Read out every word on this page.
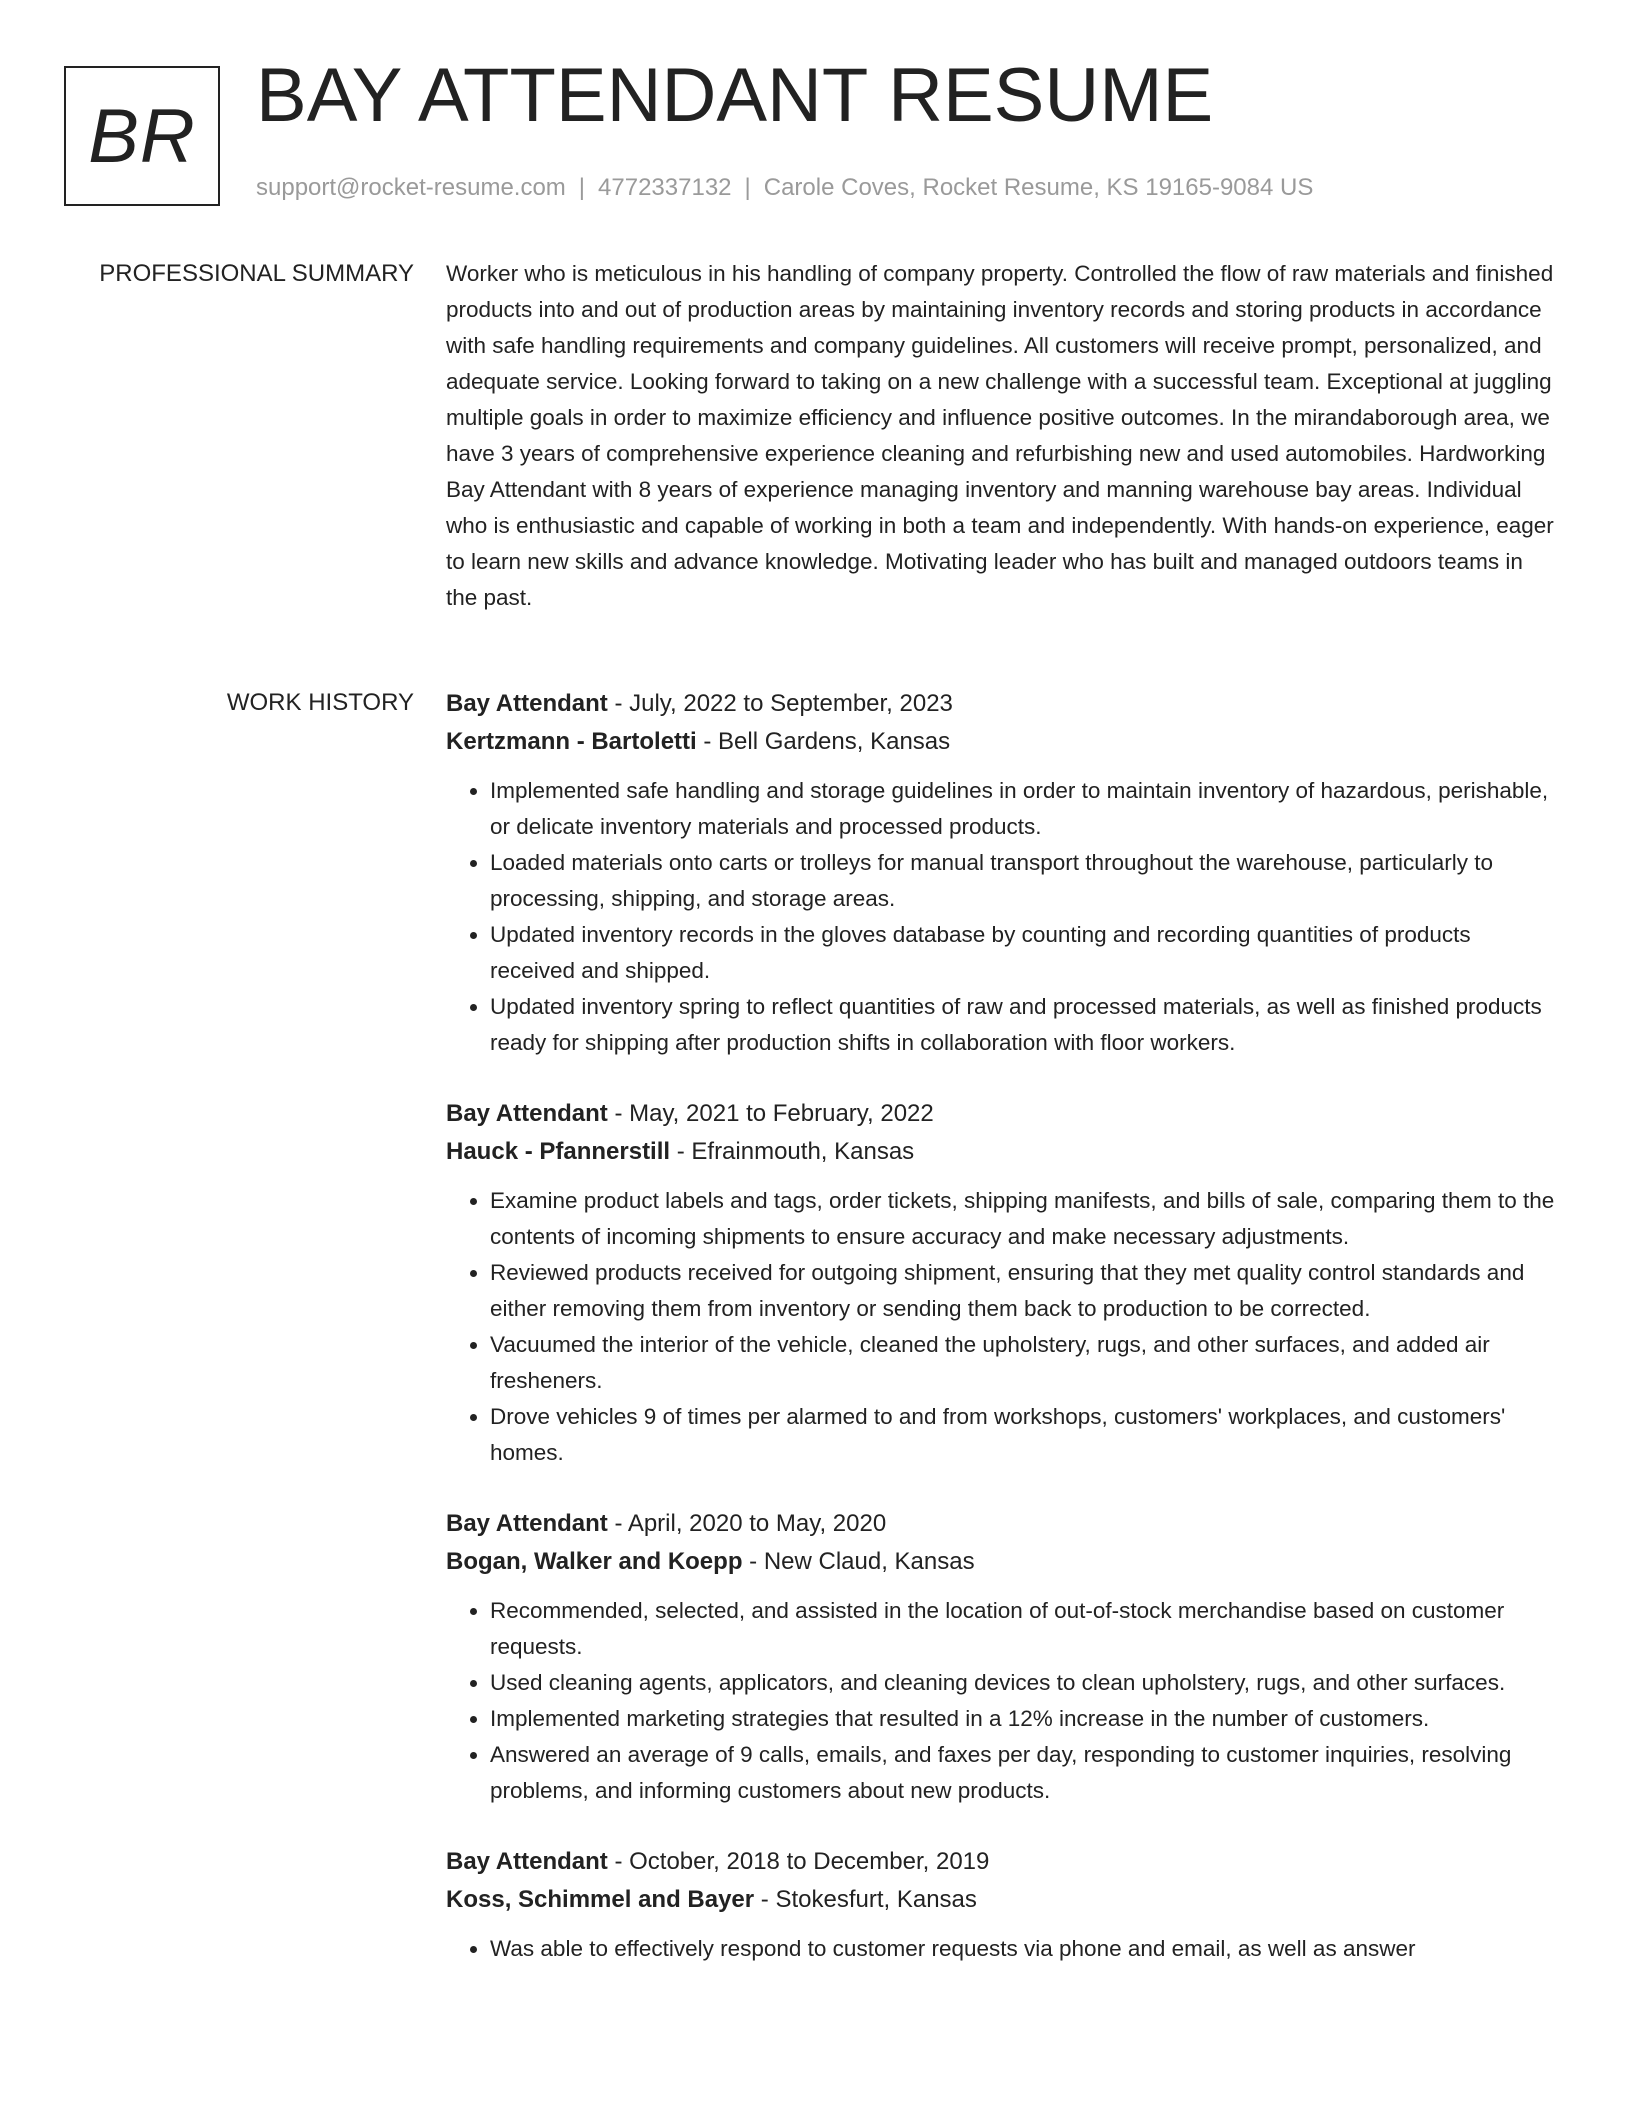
BR BAY ATTENDANT RESUME
support@rocket-resume.com | 4772337132 | Carole Coves, Rocket Resume, KS 19165-9084 US
PROFESSIONAL SUMMARY Worker who is meticulous in his handling of company property. Controlled the flow of raw materials and finished products into and out of production areas by maintaining inventory records and storing products in accordance with safe handling requirements and company guidelines. All customers will receive prompt, personalized, and adequate service. Looking forward to taking on a new challenge with a successful team. Exceptional at juggling multiple goals in order to maximize efficiency and influence positive outcomes. In the mirandaborough area, we have 3 years of comprehensive experience cleaning and refurbishing new and used automobiles. Hardworking Bay Attendant with 8 years of experience managing inventory and manning warehouse bay areas. Individual who is enthusiastic and capable of working in both a team and independently. With hands-on experience, eager to learn new skills and advance knowledge. Motivating leader who has built and managed outdoors teams in the past.

WORK HISTORY Bay Attendant - July, 2022 to September, 2023
Kertzmann - Bartoletti - Bell Gardens, Kansas
• Implemented safe handling and storage guidelines in order to maintain inventory of hazardous, perishable, or delicate inventory materials and processed products.
• Loaded materials onto carts or trolleys for manual transport throughout the warehouse, particularly to processing, shipping, and storage areas.
• Updated inventory records in the gloves database by counting and recording quantities of products received and shipped.
• Updated inventory spring to reflect quantities of raw and processed materials, as well as finished products ready for shipping after production shifts in collaboration with floor workers.
Bay Attendant - May, 2021 to February, 2022
Hauck - Pfannerstill - Efrainmouth, Kansas
• Examine product labels and tags, order tickets, shipping manifests, and bills of sale, comparing them to the contents of incoming shipments to ensure accuracy and make necessary adjustments.
• Reviewed products received for outgoing shipment, ensuring that they met quality control standards and either removing them from inventory or sending them back to production to be corrected.
• Vacuumed the interior of the vehicle, cleaned the upholstery, rugs, and other surfaces, and added air fresheners.
• Drove vehicles 9 of times per alarmed to and from workshops, customers' workplaces, and customers' homes.
Bay Attendant - April, 2020 to May, 2020
Bogan, Walker and Koepp - New Claud, Kansas
• Recommended, selected, and assisted in the location of out-of-stock merchandise based on customer requests.
• Used cleaning agents, applicators, and cleaning devices to clean upholstery, rugs, and other surfaces.
• Implemented marketing strategies that resulted in a 12% increase in the number of customers.
• Answered an average of 9 calls, emails, and faxes per day, responding to customer inquiries, resolving problems, and informing customers about new products.
Bay Attendant - October, 2018 to December, 2019
Koss, Schimmel and Bayer - Stokesfurt, Kansas
• Was able to effectively respond to customer requests via phone and email, as well as answer
